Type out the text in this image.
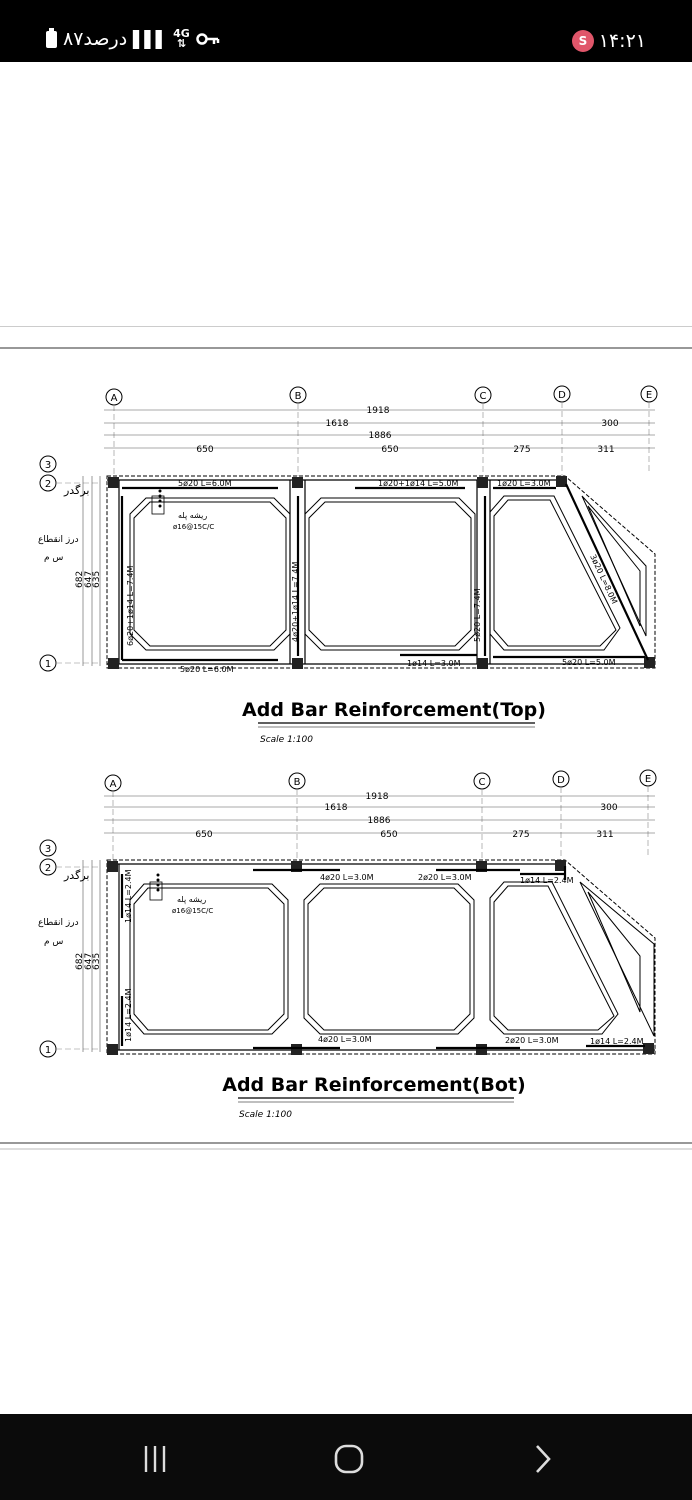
۸۷درصد ▌▌▌ 4G
⇅	S ۱۴:۲۱
A	B	C	D	E
3
2
1
1918
1618	300
1886
650	650	275	311
682 647
635
درز انقطاع
س م
برگدر
ریشه پله
ø16@15C/C
5ø20 L=6.0M
5ø20 L=6.0M
1ø20+1ø14 L=5.0M	1ø20 L=3.0M
1ø14 L=3.0M	5ø20 L=5.0M
6ø20+1ø14 L=7.4M	4ø20+1ø14 L=7.4M	5ø20 L=7.4M
3ø20 L=8.0M
Add Bar Reinforcement(Top)
Scale 1:100
A	B	C	D	E
3
2
1
1918
1618	300
1886
650	650	275	311
682 647
635
درز انقطاع
س م
برگدر
ریشه پله
ø16@15C/C
1ø14 L=2.4M
1ø14 L=2.4M
4ø20 L=3.0M	2ø20 L=3.0M	1ø14 L=2.4M
4ø20 L=3.0M	2ø20 L=3.0M	1ø14 L=2.4M
Add Bar Reinforcement(Bot)
Scale 1:100
